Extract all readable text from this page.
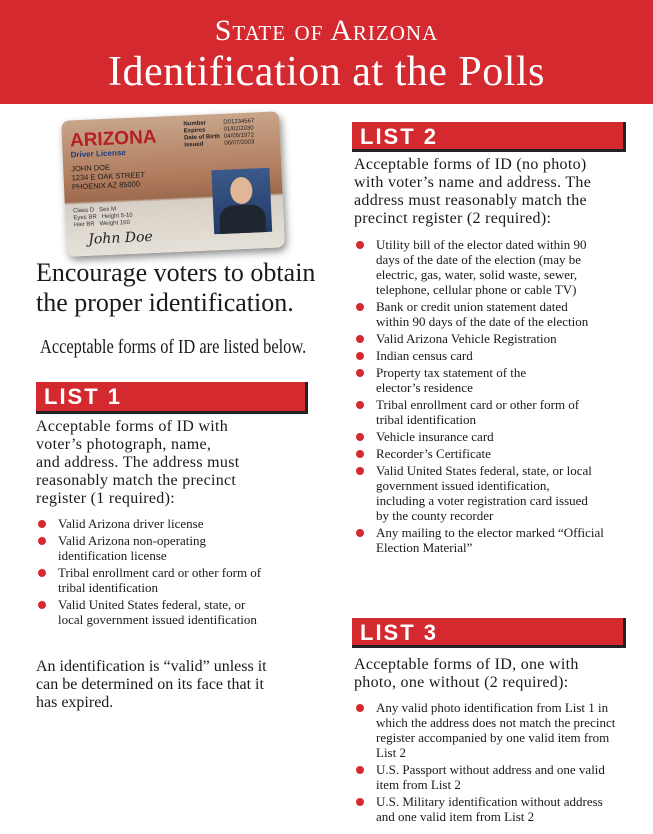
State of Arizona
Identification at the Polls
ARIZONA
Driver License
JOHN DOE
1234 E OAK STREET
PHOENIX AZ 85000
Number	D01234567
Expires	01/02/2030
Date of Birth 04/05/1972
Issued	06/07/2003
Class D Sex M
Eyes BR Height 5-10
Hair BR Weight 160
John Doe
Encourage voters to obtain
the proper identification.
Acceptable forms of ID are listed below.
LIST 1
Acceptable forms of ID with
voter’s photograph, name,
and address. The address must
reasonably match the precinct
register (1 required):
Valid Arizona driver license
Valid Arizona non-operating identification license
Tribal enrollment card or other form of tribal identification
Valid United States federal, state, or local government issued identification
An identification is “valid” unless it
can be determined on its face that it
has expired.
LIST 2
Acceptable forms of ID (no photo)
with voter’s name and address. The
address must reasonably match the
precinct register (2 required):
Utility bill of the elector dated within 90 days of the date of the election (may be electric, gas, water, solid waste, sewer, telephone, cellular phone or cable TV)
Bank or credit union statement dated within 90 days of the date of the election
Valid Arizona Vehicle Registration
Indian census card
Property tax statement of the elector’s residence
Tribal enrollment card or other form of tribal identification
Vehicle insurance card
Recorder’s Certificate
Valid United States federal, state, or local government issued identification, including a voter registration card issued by the county recorder
Any mailing to the elector marked “Official Election Material”
LIST 3
Acceptable forms of ID, one with
photo, one without (2 required):
Any valid photo identification from List 1 in which the address does not match the precinct register accompanied by one valid item from List 2
U.S. Passport without address and one valid item from List 2
U.S. Military identification without address and one valid item from List 2
